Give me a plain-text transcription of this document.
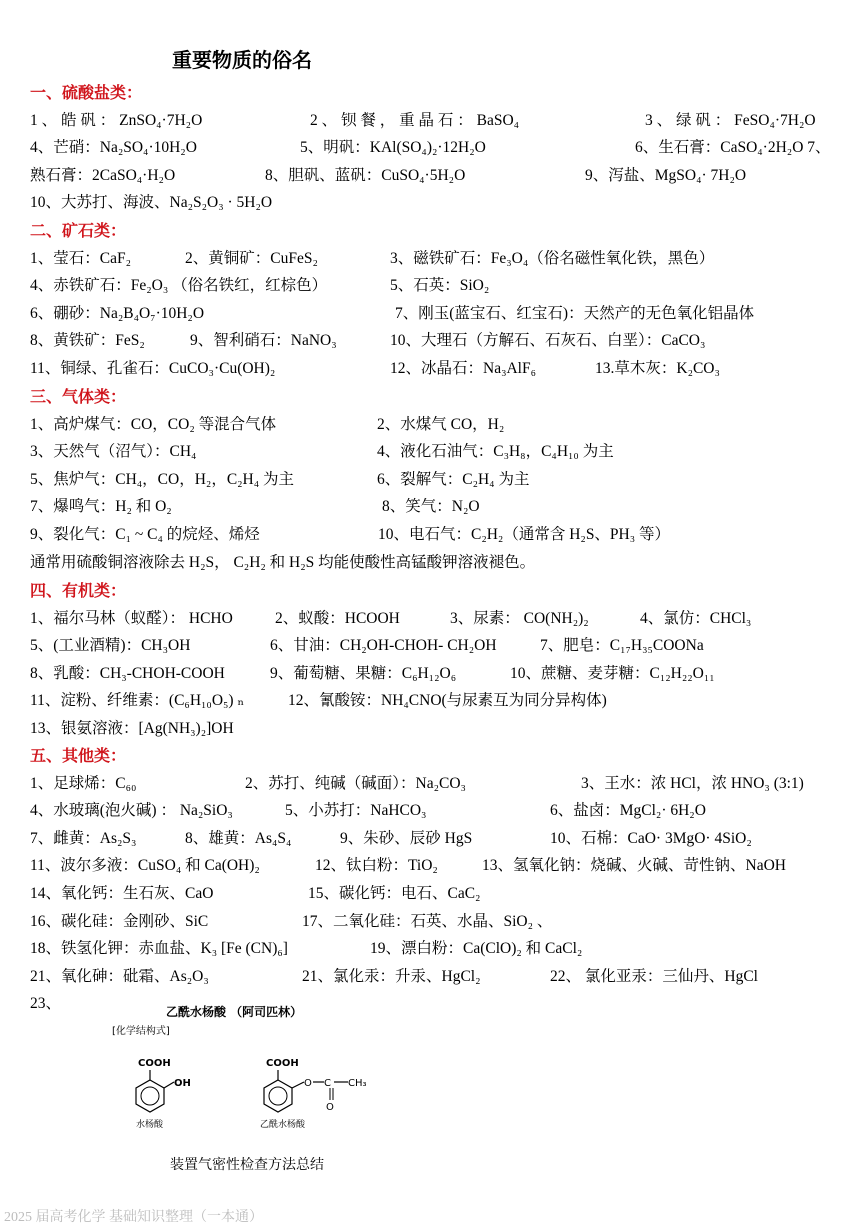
重要物质的俗名
一、硫酸盐类：
1 、 皓 矾 ： ZnSO₄·7H₂O	2 、 钡 餐 ， 重 晶 石 ： BaSO₄	3 、 绿 矾 ： FeSO₄·7H₂O
4、芒硝：Na₂SO₄·10H₂O	5、明矾：KAl(SO₄)₂·12H₂O	6、生石膏：CaSO₄·2H₂O 7、
熟石膏：2CaSO₄·H₂O	8、胆矾、蓝矾：CuSO₄·5H₂O	9、泻盐、MgSO₄· 7H₂O
10、大苏打、海波、Na₂S₂O₃ · 5H₂O
二、矿石类：
1、莹石：CaF₂	2、黄铜矿：CuFeS₂	3、磁铁矿石：Fe₃O₄（俗名磁性氧化铁，黑色）
4、赤铁矿石：Fe₂O₃ （俗名铁红，红棕色）	5、石英：SiO₂
6、硼砂：Na₂B₄O₇·10H₂O	7、刚玉(蓝宝石、红宝石)：天然产的无色氧化铝晶体
8、黄铁矿：FeS₂	9、智利硝石：NaNO₃	10、大理石（方解石、石灰石、白垩）：CaCO₃
11、铜绿、孔雀石：CuCO₃·Cu(OH)₂	12、冰晶石：Na₃AlF₆	13.草木灰：K₂CO₃
三、气体类：
1、高炉煤气：CO，CO₂ 等混合气体	2、水煤气 CO，H₂
3、天然气（沼气）：CH₄	4、液化石油气：C₃H₈，C₄H₁₀ 为主
5、焦炉气：CH₄，CO，H₂，C₂H₄ 为主	6、裂解气：C₂H₄ 为主
7、爆鸣气：H₂ 和 O₂	8、笑气：N₂O
9、裂化气：C₁ ~ C₄ 的烷烃、烯烃	10、电石气：C₂H₂（通常含 H₂S、PH₃ 等）
通常用硫酸铜溶液除去 H₂S， C₂H₂ 和 H₂S 均能使酸性高锰酸钾溶液褪色。
四、有机类：
1、福尔马林（蚁醛）： HCHO	2、蚁酸：HCOOH	3、尿素： CO(NH₂)₂	4、氯仿：CHCl₃
5、(工业酒精)：CH₃OH	6、甘油：CH₂OH-CHOH- CH₂OH	7、肥皂：C₁₇H₃₅COONa
8、乳酸：CH₃-CHOH-COOH	9、葡萄糖、果糖：C₆H₁₂O₆	10、蔗糖、麦芽糖：C₁₂H₂₂O₁₁
11、淀粉、纤维素：(C₆H₁₀O₅) ₙ	12、氰酸铵：NH₄CNO(与尿素互为同分异构体)
13、银氨溶液：[Ag(NH₃)₂]OH
五、其他类：
1、足球烯：C₆₀	2、苏打、纯碱（碱面）：Na₂CO₃	3、王水：浓 HCl，浓 HNO₃ (3:1)
4、水玻璃(泡火碱) ： Na₂SiO₃	5、小苏打：NaHCO₃	6、盐卤：MgCl₂· 6H₂O
7、雌黄：As₂S₃	8、雄黄：As₄S₄	9、朱砂、辰砂 HgS	10、石棉：CaO· 3MgO· 4SiO₂
11、波尔多液：CuSO₄ 和 Ca(OH)₂	12、钛白粉：TiO₂	13、氢氧化钠：烧碱、火碱、苛性钠、NaOH
14、氧化钙：生石灰、CaO	15、碳化钙：电石、CaC₂
16、碳化硅：金刚砂、SiC	17、二氧化硅：石英、水晶、SiO₂ 、
18、铁氢化钾：赤血盐、K₃ [Fe (CN)₆]	19、漂白粉：Ca(ClO)₂ 和 CaCl₂
21、氧化砷：砒霜、As₂O₃	21、氯化汞：升汞、HgCl₂	22、 氯化亚汞：三仙丹、HgCl
23、	乙酰水杨酸 （阿司匹林）
[化学结构式]
COOH
OH
水杨酸
COOH
O C
O
CH₃
乙酰水杨酸
装置气密性检查方法总结
2025 届高考化学 基础知识整理（一本通）
